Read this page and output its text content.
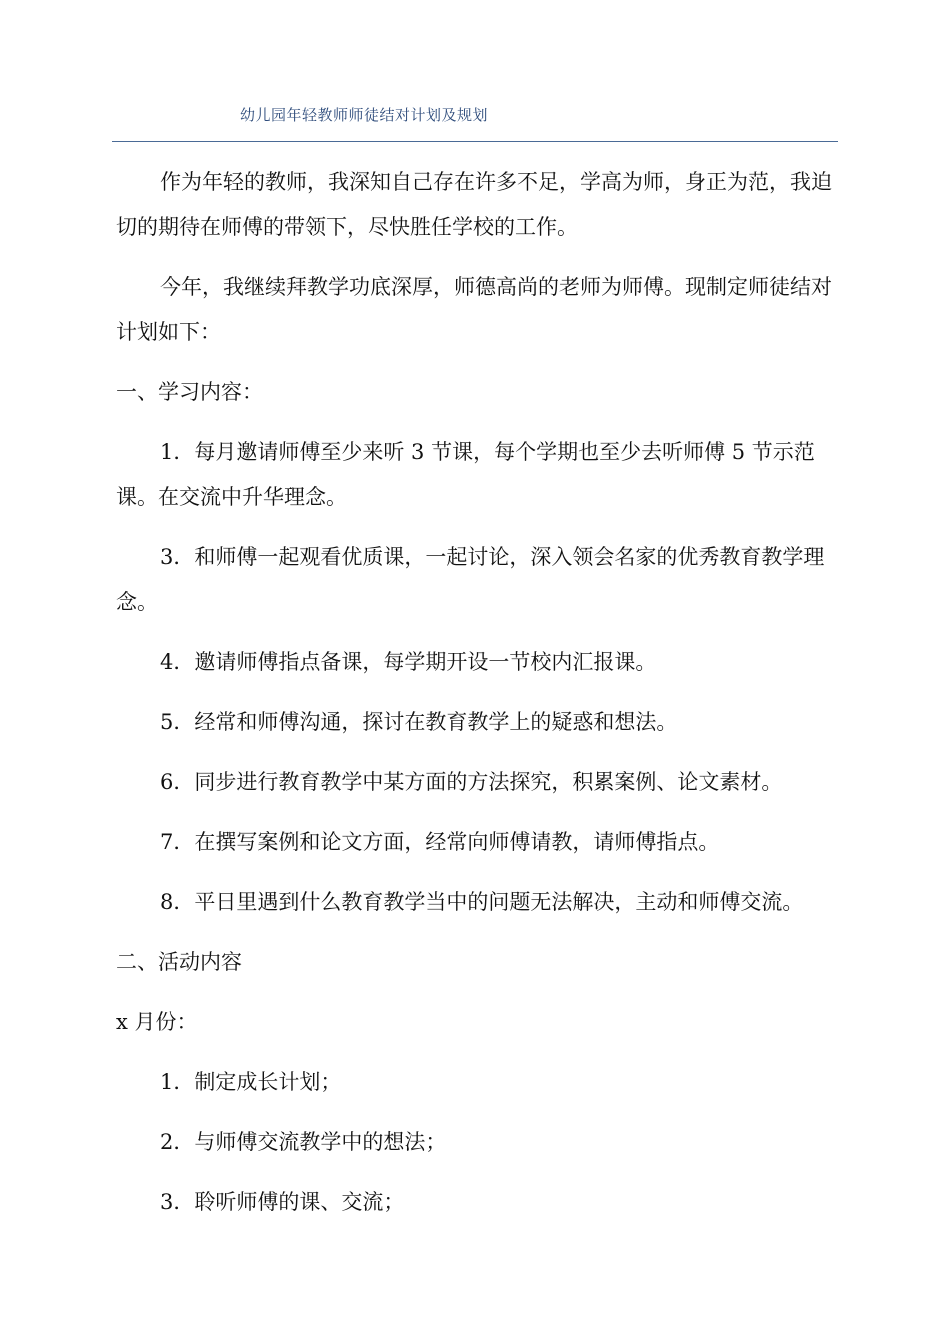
幼儿园年轻教师师徒结对计划及规划

作为年轻的教师，我深知自己存在许多不足，学高为师，身正为范，我迫切的期待在师傅的带领下，尽快胜任学校的工作。

今年，我继续拜教学功底深厚，师德高尚的老师为师傅。现制定师徒结对计划如下：

一、学习内容：

1．每月邀请师傅至少来听 3 节课，每个学期也至少去听师傅 5 节示范课。在交流中升华理念。

3．和师傅一起观看优质课，一起讨论，深入领会名家的优秀教育教学理念。

4．邀请师傅指点备课，每学期开设一节校内汇报课。

5．经常和师傅沟通，探讨在教育教学上的疑惑和想法。

6．同步进行教育教学中某方面的方法探究，积累案例、论文素材。

7．在撰写案例和论文方面，经常向师傅请教，请师傅指点。

8．平日里遇到什么教育教学当中的问题无法解决，主动和师傅交流。

二、活动内容

x 月份：

1．制定成长计划；

2．与师傅交流教学中的想法；

3．聆听师傅的课、交流；
